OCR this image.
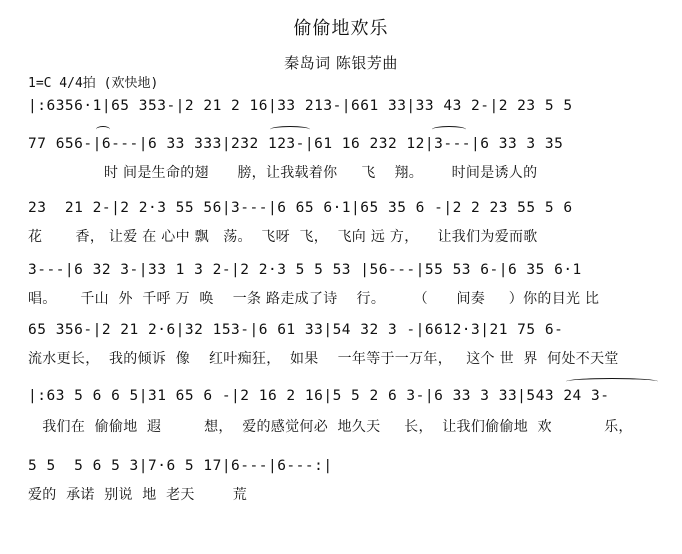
偷偷地欢乐
秦岛词 陈银芳曲
1=C 4/4拍 (欢快地)
|:6356·1|65 353-|2 21 2 16|33 213-|661 33|33 43 2-|2 23 5 5
77 656-|6---|6 33 333|232 123-|61 16 232 12|3---|6 33 3 35
时 间是生命的翅      膀，让我载着你     飞    翔。      时间是诱人的
23  21 2-|2 2·3 55 56|3---|6 65 6·1|65 35 6 -|2 2 23 55 5 6
花       香， 让爱 在 心中 飘   荡。  飞呀  飞，  飞向 远 方，    让我们为爱而歌
3---|6 32 3-|33 1 3 2-|2 2·3 5 5 53 |56---|55 53 6-|6 35 6·1
唱。     千山  外  千呼 万  唤    一条 路走成了诗    行。      （      间奏     ）你的目光 比
65 356-|2 21 2·6|32 153-|6 61 33|54 32 3 -|6612·3|21 75 6-
流水更长，  我的倾诉  像    红叶痴狂，  如果    一年等于一万年，   这个 世  界  何处不天堂
|:63 5 6 6 5|31 65 6 -|2 16 2 16|5 5 2 6 3-|6 33 3 33|543 24 3-
我们在  偷偷地  遐         想，  爱的感觉何必  地久天     长，  让我们偷偷地  欢           乐，
5 5  5 6 5 3|7·6 5 17|6---|6---:|
爱的  承诺  别说  地  老天        荒
